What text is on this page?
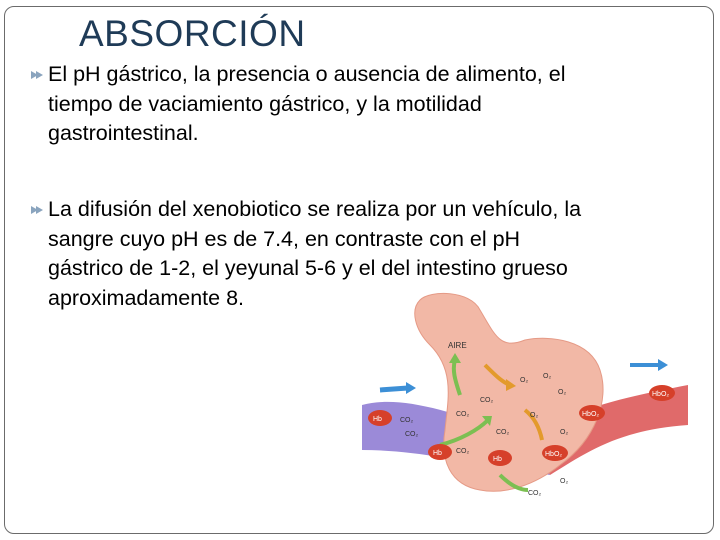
ABSORCIÓN
El pH gástrico, la presencia o ausencia de alimento, el
tiempo de vaciamiento gástrico, y la motilidad
gastrointestinal.
La difusión del xenobiotico se realiza por un vehículo, la
sangre cuyo pH es de 7.4, en contraste con el pH
gástrico de 1-2, el yeyunal 5-6 y el del intestino grueso
aproximadamente 8.
AIRE
Hb
Hb
Hb
HbO₂
HbO₂
HbO₂
O₂
O₂
O₂
CO₂
CO₂	O₂
CO₂
CO₂	CO₂	O₂
CO₂
CO₂
O₂
